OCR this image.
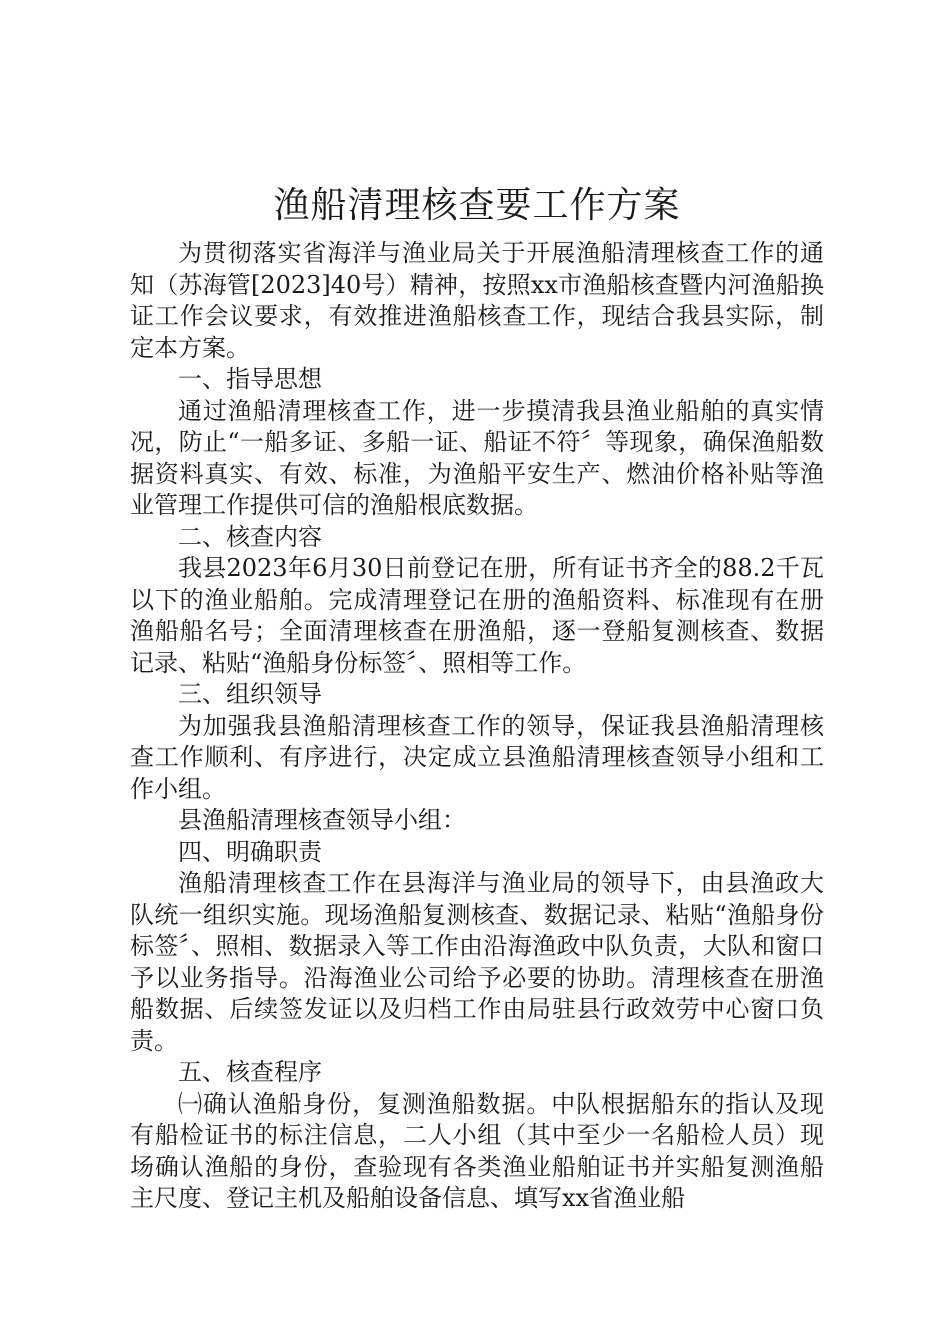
渔船清理核查要工作方案

为贯彻落实省海洋与渔业局关于开展渔船清理核查工作的通知（苏海管[2023]40号）精神，按照xx市渔船核查暨内河渔船换证工作会议要求，有效推进渔船核查工作，现结合我县实际，制定本方案。

一、指导思想

通过渔船清理核查工作，进一步摸清我县渔业船舶的真实情况，防止“一船多证、多船一证、船证不符〞等现象，确保渔船数据资料真实、有效、标准，为渔船平安生产、燃油价格补贴等渔业管理工作提供可信的渔船根底数据。

二、核查内容

我县2023年6月30日前登记在册，所有证书齐全的88.2千瓦以下的渔业船舶。完成清理登记在册的渔船资料、标准现有在册渔船船名号；全面清理核查在册渔船，逐一登船复测核查、数据记录、粘贴“渔船身份标签〞、照相等工作。

三、组织领导

为加强我县渔船清理核查工作的领导，保证我县渔船清理核查工作顺利、有序进行，决定成立县渔船清理核查领导小组和工作小组。

县渔船清理核查领导小组：

四、明确职责

渔船清理核查工作在县海洋与渔业局的领导下，由县渔政大队统一组织实施。现场渔船复测核查、数据记录、粘贴“渔船身份标签〞、照相、数据录入等工作由沿海渔政中队负责，大队和窗口予以业务指导。沿海渔业公司给予必要的协助。清理核查在册渔船数据、后续签发证以及归档工作由局驻县行政效劳中心窗口负责。

五、核查程序

㈠确认渔船身份，复测渔船数据。中队根据船东的指认及现有船检证书的标注信息，二人小组（其中至少一名船检人员）现场确认渔船的身份，查验现有各类渔业船舶证书并实船复测渔船主尺度、登记主机及船舶设备信息、填写xx省渔业船
